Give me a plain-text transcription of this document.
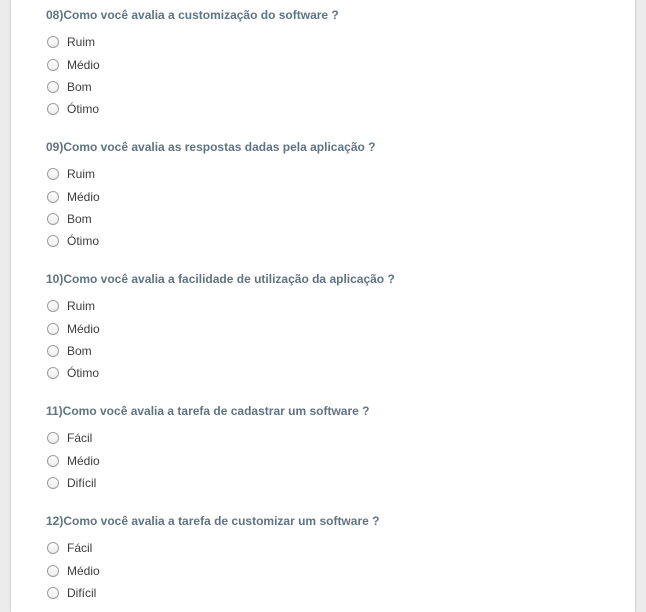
08)Como você avalia a customização do software ?
Ruim
Médio
Bom
Ótimo
09)Como você avalia as respostas dadas pela aplicação ?
Ruim
Médio
Bom
Ótimo
10)Como você avalia a facilidade de utilização da aplicação ?
Ruim
Médio
Bom
Ótimo
11)Como você avalia a tarefa de cadastrar um software ?
Fácil
Médio
Difícil
12)Como você avalia a tarefa de customizar um software ?
Fácil
Médio
Difícil
